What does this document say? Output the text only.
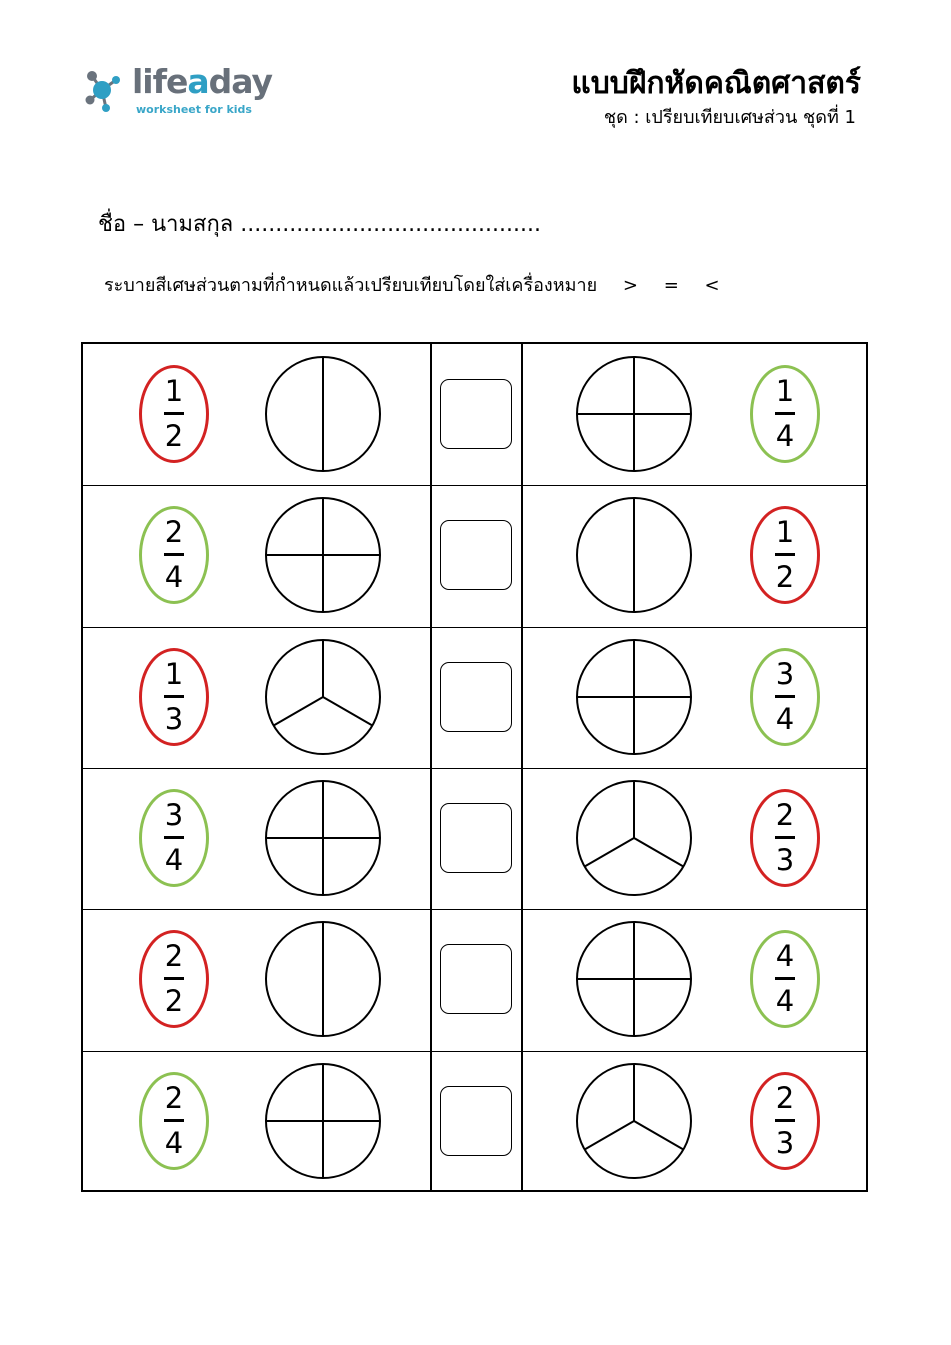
lifeaday
worksheet for kids
แบบฝึกหัดคณิตศาสตร์
ชุด : เปรียบเทียบเศษส่วน ชุดที่ 1
ชื่อ – นามสกุล ...........................................
ระบายสีเศษส่วนตามที่กำหนดแล้วเปรียบเทียบโดยใส่เครื่องหมาย > = <
1
2
1
4
2
4
1
2
1
3
3
4
3
4
2
3
2
2
4
4
2
4
2
3
